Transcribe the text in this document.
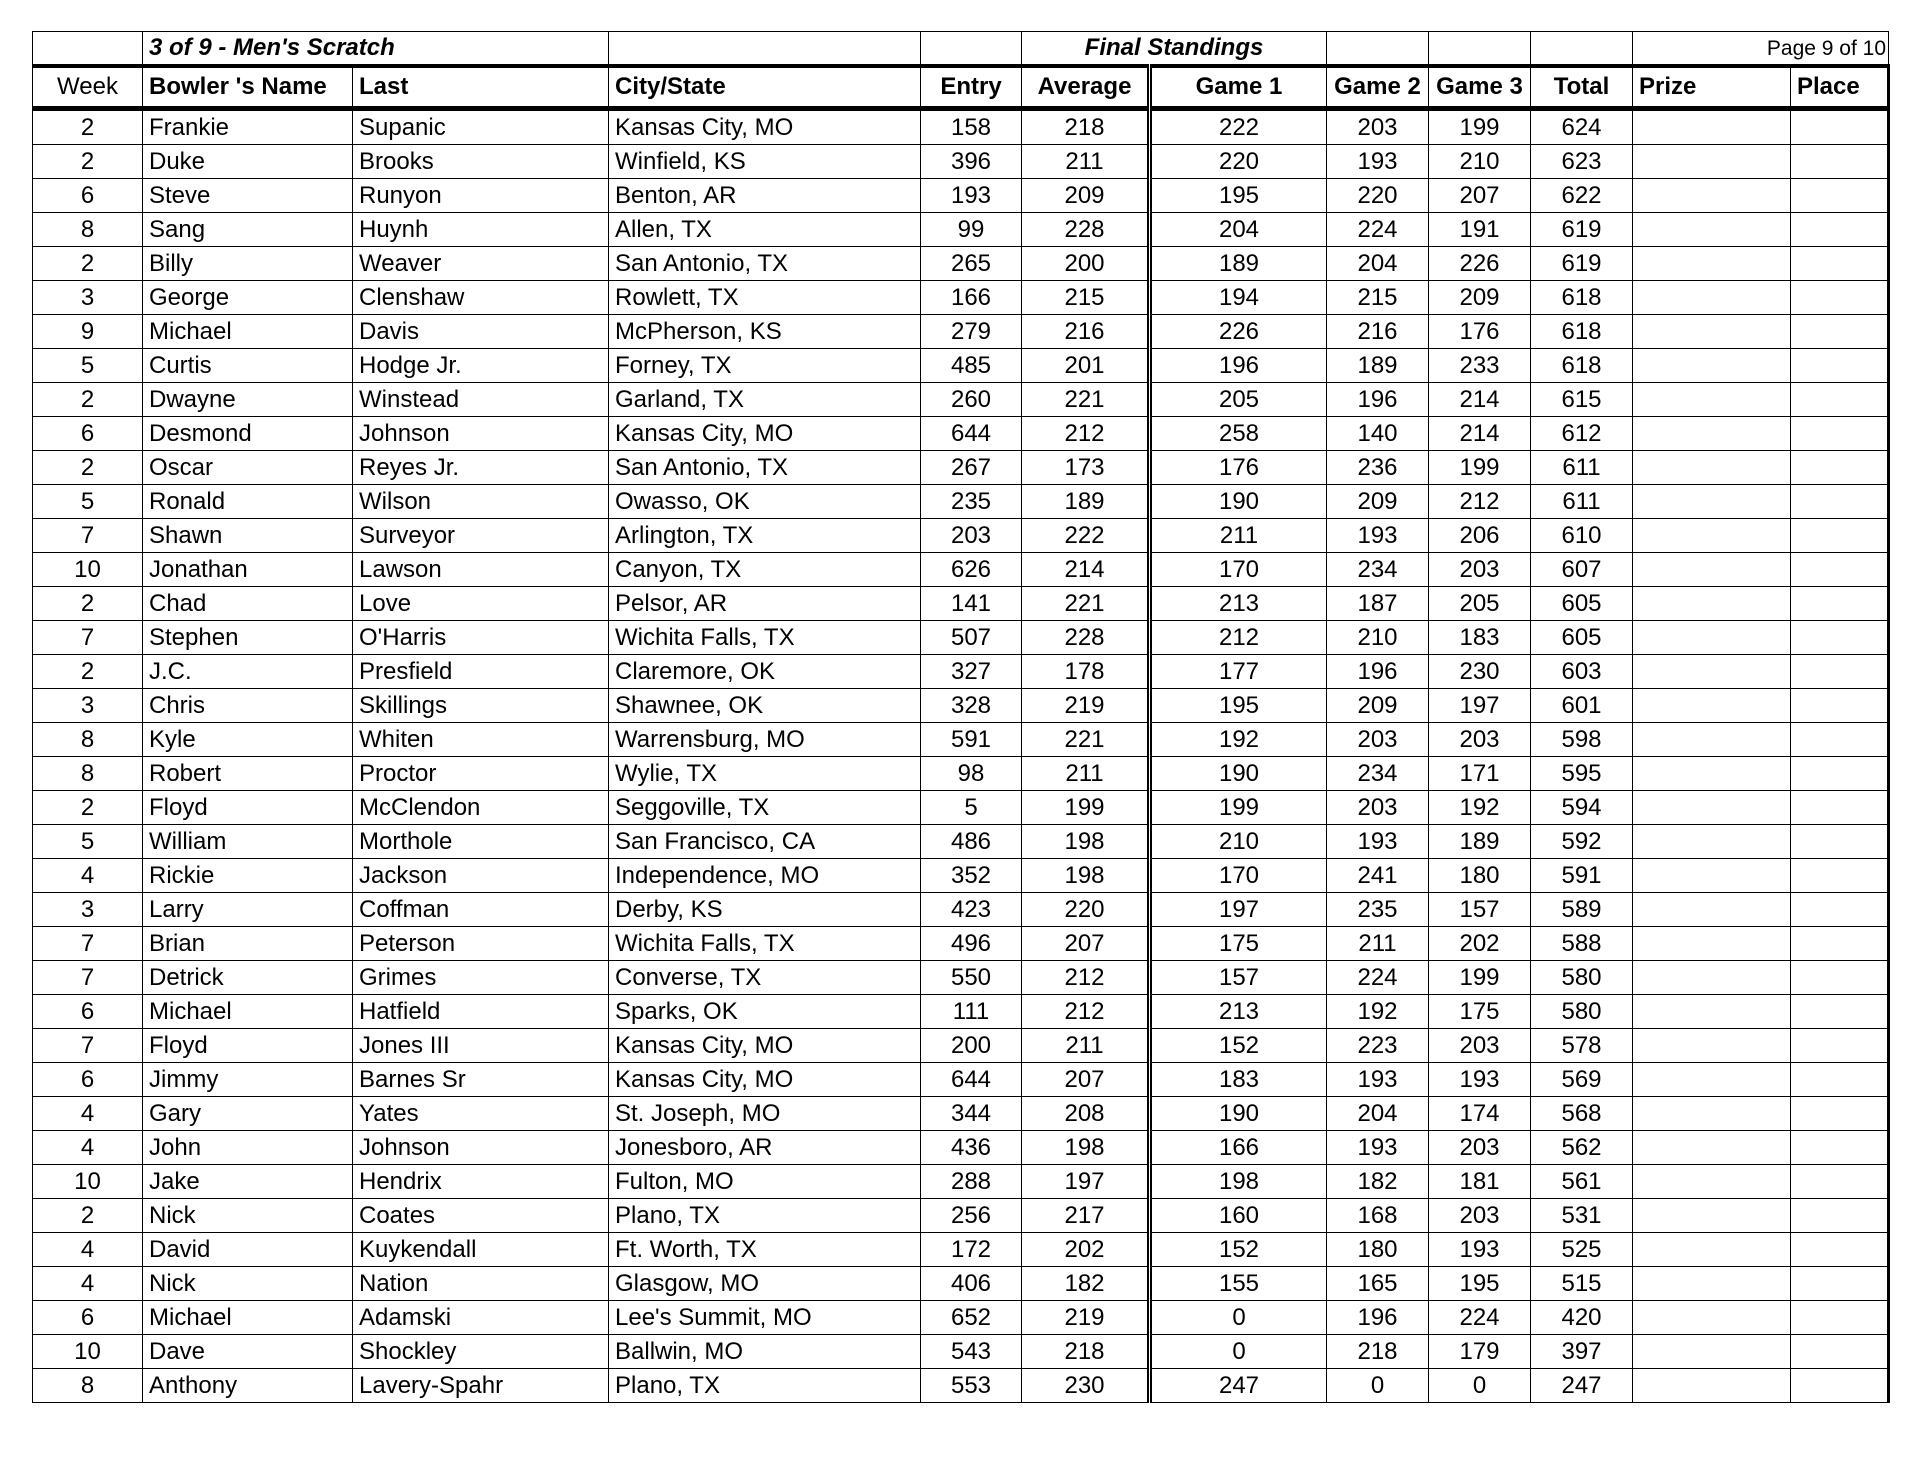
	3 of 9 - Men's Scratch				Final Standings					Page 9 of 10	
Week	Bowler 's Name	Last	City/State	Entry	Average	Game 1	Game 2	Game 3	Total	Prize	Place
2	Frankie	Supanic	Kansas City, MO	158	218	222	203	199	624		
2	Duke	Brooks	Winfield, KS	396	211	220	193	210	623		
6	Steve	Runyon	Benton, AR	193	209	195	220	207	622		
8	Sang	Huynh	Allen, TX	99	228	204	224	191	619		
2	Billy	Weaver	San Antonio, TX	265	200	189	204	226	619		
3	George	Clenshaw	Rowlett, TX	166	215	194	215	209	618		
9	Michael	Davis	McPherson, KS	279	216	226	216	176	618		
5	Curtis	Hodge Jr.	Forney, TX	485	201	196	189	233	618		
2	Dwayne	Winstead	Garland, TX	260	221	205	196	214	615		
6	Desmond	Johnson	Kansas City, MO	644	212	258	140	214	612		
2	Oscar	Reyes Jr.	San Antonio, TX	267	173	176	236	199	611		
5	Ronald	Wilson	Owasso, OK	235	189	190	209	212	611		
7	Shawn	Surveyor	Arlington, TX	203	222	211	193	206	610		
10	Jonathan	Lawson	Canyon, TX	626	214	170	234	203	607		
2	Chad	Love	Pelsor, AR	141	221	213	187	205	605		
7	Stephen	O'Harris	Wichita Falls, TX	507	228	212	210	183	605		
2	J.C.	Presfield	Claremore, OK	327	178	177	196	230	603		
3	Chris	Skillings	Shawnee, OK	328	219	195	209	197	601		
8	Kyle	Whiten	Warrensburg, MO	591	221	192	203	203	598		
8	Robert	Proctor	Wylie, TX	98	211	190	234	171	595		
2	Floyd	McClendon	Seggoville, TX	5	199	199	203	192	594		
5	William	Morthole	San Francisco, CA	486	198	210	193	189	592		
4	Rickie	Jackson	Independence, MO	352	198	170	241	180	591		
3	Larry	Coffman	Derby, KS	423	220	197	235	157	589		
7	Brian	Peterson	Wichita Falls, TX	496	207	175	211	202	588		
7	Detrick	Grimes	Converse, TX	550	212	157	224	199	580		
6	Michael	Hatfield	Sparks, OK	111	212	213	192	175	580		
7	Floyd	Jones III	Kansas City, MO	200	211	152	223	203	578		
6	Jimmy	Barnes Sr	Kansas City, MO	644	207	183	193	193	569		
4	Gary	Yates	St. Joseph, MO	344	208	190	204	174	568		
4	John	Johnson	Jonesboro, AR	436	198	166	193	203	562		
10	Jake	Hendrix	Fulton, MO	288	197	198	182	181	561		
2	Nick	Coates	Plano, TX	256	217	160	168	203	531		
4	David	Kuykendall	Ft. Worth, TX	172	202	152	180	193	525		
4	Nick	Nation	Glasgow, MO	406	182	155	165	195	515		
6	Michael	Adamski	Lee's Summit, MO	652	219	0	196	224	420		
10	Dave	Shockley	Ballwin, MO	543	218	0	218	179	397		
8	Anthony	Lavery-Spahr	Plano, TX	553	230	247	0	0	247		
